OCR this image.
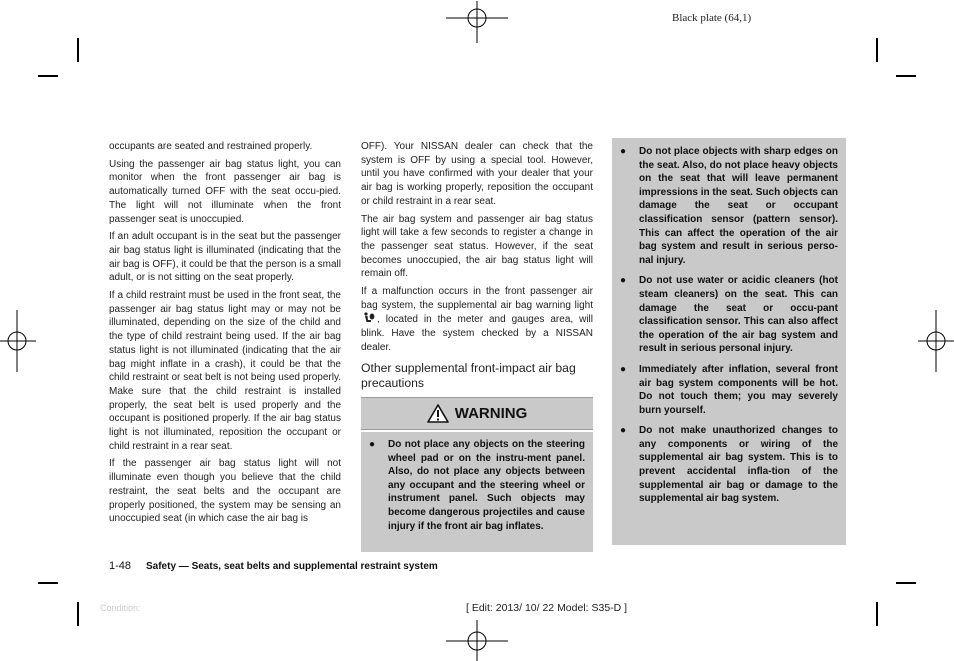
Black plate (64,1)

occupants are seated and restrained properly.

Using the passenger air bag status light, you can monitor when the front passenger air bag is automatically turned OFF with the seat occu-pied. The light will not illuminate when the front passenger seat is unoccupied.

If an adult occupant is in the seat but the passenger air bag status light is illuminated (indicating that the air bag is OFF), it could be that the person is a small adult, or is not sitting on the seat properly.

If a child restraint must be used in the front seat, the passenger air bag status light may or may not be illuminated, depending on the size of the child and the type of child restraint being used. If the air bag status light is not illuminated (indicating that the air bag might inflate in a crash), it could be that the child restraint or seat belt is not being used properly. Make sure that the child restraint is installed properly, the seat belt is used properly and the occupant is positioned properly. If the air bag status light is not illuminated, reposition the occupant or child restraint in a rear seat.

If the passenger air bag status light will not illuminate even though you believe that the child restraint, the seat belts and the occupant are properly positioned, the system may be sensing an unoccupied seat (in which case the air bag is

OFF). Your NISSAN dealer can check that the system is OFF by using a special tool. However, until you have confirmed with your dealer that your air bag is working properly, reposition the occupant or child restraint in a rear seat.

The air bag system and passenger air bag status light will take a few seconds to register a change in the passenger seat status. However, if the seat becomes unoccupied, the air bag status light will remain off.

If a malfunction occurs in the front passenger air bag system, the supplemental air bag warning light , located in the meter and gauges area, will blink. Have the system checked by a NISSAN dealer.

Other supplemental front-impact air bag precautions
WARNING
● Do not place any objects on the steering wheel pad or on the instru-ment panel. Also, do not place any objects between any occupant and the steering wheel or instrument panel. Such objects may become dangerous projectiles and cause injury if the front air bag inflates.
● Do not place objects with sharp edges on the seat. Also, do not place heavy objects on the seat that will leave permanent impressions in the seat. Such objects can damage the seat or occupant classification sensor (pattern sensor). This can affect the operation of the air bag system and result in serious perso-nal injury.
● Do not use water or acidic cleaners (hot steam cleaners) on the seat. This can damage the seat or occu-pant classification sensor. This can also affect the operation of the air bag system and result in serious personal injury.
● Immediately after inflation, several front air bag system components will be hot. Do not touch them; you may severely burn yourself.
● Do not make unauthorized changes to any components or wiring of the supplemental air bag system. This is to prevent accidental infla-tion of the supplemental air bag or damage to the supplemental air bag system.
1-48 Safety — Seats, seat belts and supplemental restraint system
Condition:	[ Edit: 2013/ 10/ 22 Model: S35-D ]
